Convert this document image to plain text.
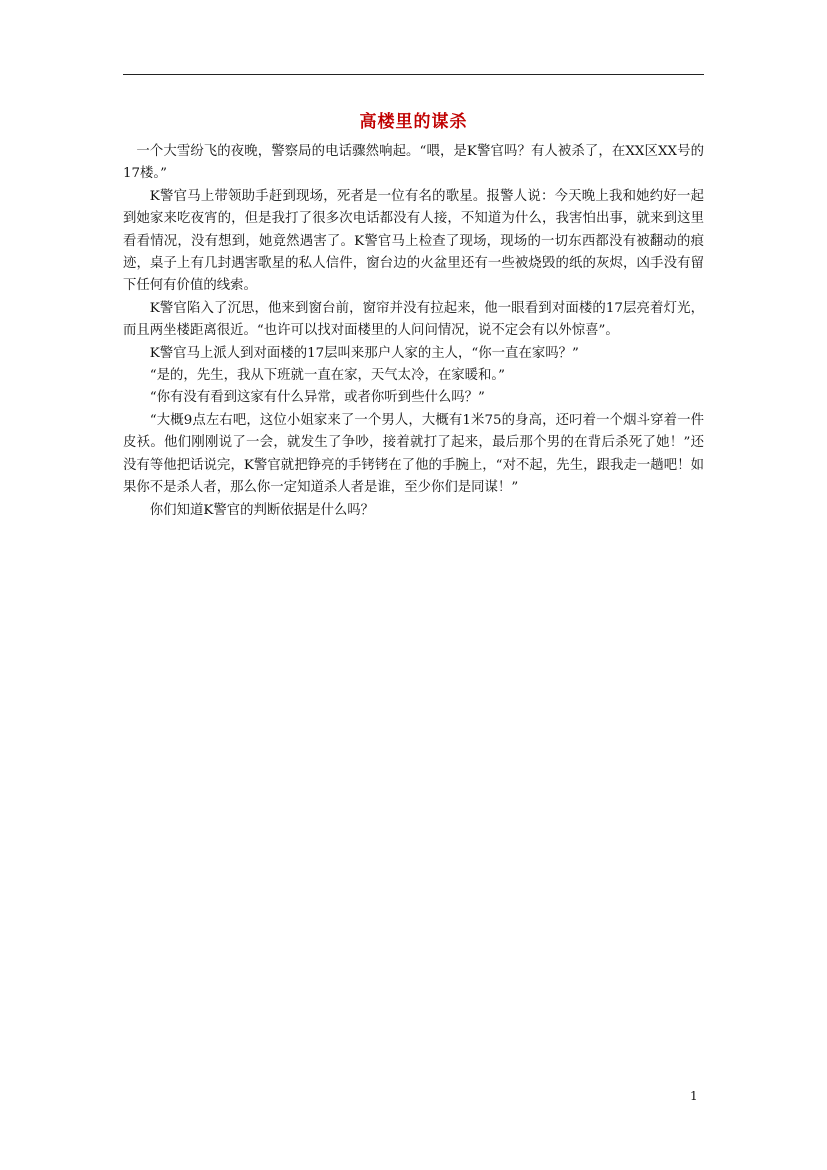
高楼里的谋杀

一个大雪纷飞的夜晚，警察局的电话骤然响起。“喂，是K警官吗？有人被杀了，在XX区XX号的17楼。”

K警官马上带领助手赶到现场，死者是一位有名的歌星。报警人说：今天晚上我和她约好一起到她家来吃夜宵的，但是我打了很多次电话都没有人接，不知道为什么，我害怕出事，就来到这里看看情况，没有想到，她竟然遇害了。K警官马上检查了现场，现场的一切东西都没有被翻动的痕迹，桌子上有几封遇害歌星的私人信件，窗台边的火盆里还有一些被烧毁的纸的灰烬，凶手没有留下任何有价值的线索。

K警官陷入了沉思，他来到窗台前，窗帘并没有拉起来，他一眼看到对面楼的17层亮着灯光，而且两坐楼距离很近。“也许可以找对面楼里的人问问情况，说不定会有以外惊喜”。

K警官马上派人到对面楼的17层叫来那户人家的主人，“你一直在家吗？”

“是的，先生，我从下班就一直在家，天气太冷，在家暖和。”

“你有没有看到这家有什么异常，或者你听到些什么吗？”

“大概9点左右吧，这位小姐家来了一个男人，大概有1米75的身高，还叼着一个烟斗穿着一件皮袄。他们刚刚说了一会，就发生了争吵，接着就打了起来，最后那个男的在背后杀死了她！”还没有等他把话说完，K警官就把铮亮的手铐铐在了他的手腕上，“对不起，先生，跟我走一趟吧！如果你不是杀人者，那么你一定知道杀人者是谁，至少你们是同谋！”

你们知道K警官的判断依据是什么吗？

1
